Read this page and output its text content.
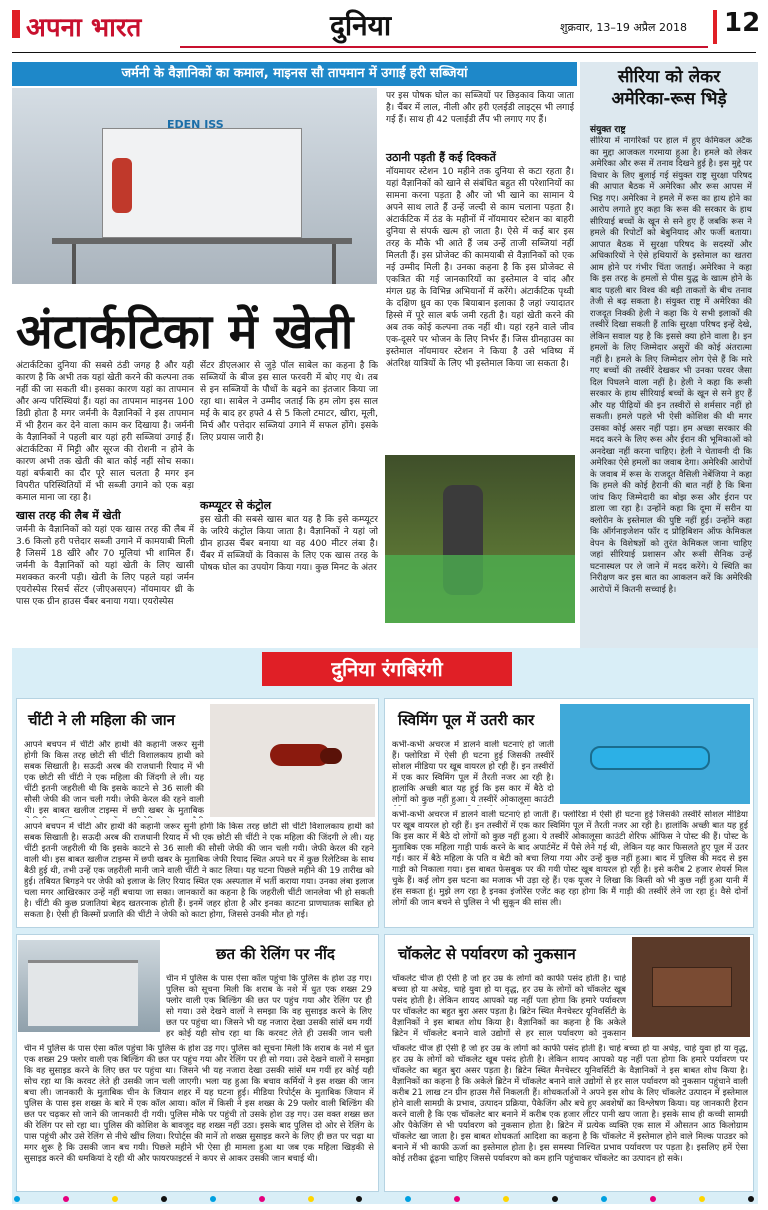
अपना भारत	दुनिया	शुक्रवार, 13–19 अप्रैल 2018 12
जर्मनी के वैज्ञानिकों का कमाल, माइनस सौ तापमान में उगाईं हरी सब्जियां
EDEN ISS
अंटार्कटिका में खेती
अंटार्कटिका दुनिया की सबसे ठंडी जगह है और यही कारण है कि अभी तक यहां खेती करने की कल्पना तक नहीं की जा सकती थी। इसका कारण यहां का तापमान और अन्य परिस्थियां हैं। यहां का तापमान माइनस 100 डिग्री होता है मगर जर्मनी के वैज्ञानिकों ने इस तापमान में भी हैरान कर देने वाला काम कर दिखाया है। जर्मनी के वैज्ञानिकों ने पहली बार यहां हरी सब्जियां उगाई हैं। अंटार्कटिका में मिट्टी और सूरज की रोशनी न होने के कारण अभी तक खेती की बात कोई नहीं सोच सका। यहां बर्फबारी का दौर पूरे साल चलता है मगर इन विपरीत परिस्थितियों में भी सब्जी उगाने को एक बड़ा कमाल माना जा रहा है।
खास तरह की लैब में खेती
जर्मनी के वैज्ञानिकों को यहां एक खास तरह की लैब में 3.6 किलो हरी पत्तेदार सब्जी उगाने में कामयाबी मिली है जिसमें 18 खीरे और 70 मूलियां भी शामिल हैं। जर्मनी के वैज्ञानिकों को यहां खेती के लिए खासी मशक्कत करनी पड़ी। खेती के लिए पहले यहां जर्मन एयरोस्पेस रिसर्च सेंटर (जीएअसएन) नॉयमायर थ्री के पास एक ग्रीन हाउस चैंबर बनाया गया। एयरोस्पेस
सेंटर डीएलआर से जुड़े पॉल साबेल का कहना है कि सब्जियों के बीज इस साल फरवरी में बोए गए थे। तब से इन सब्जियों के पौधों के बढ़ने का इंतजार किया जा रहा था। साबेल ने उम्मीद जताई कि हम लोग इस साल मई के बाद हर हफ्ते 4 से 5 किलो टमाटर, खीरा, मूली, मिर्च और पत्तेदार सब्जियां उगाने में सफल होंगे। इसके लिए प्रयास जारी है।
कम्प्यूटर से कंट्रोल
इस खेती की सबसे खास बात यह है कि इसे कम्प्यूटर के जरिये कंट्रोल किया जाता है। वैज्ञानिकों ने यहां जो ग्रीन हाउस चैंबर बनाया था वह 400 मीटर लंबा है। चैंबर में सब्जियों के विकास के लिए एक खास तरह के पोषक घोल का उपयोग किया गया। कुछ मिनट के अंतर
पर इस पोषक घोल का सब्जियों पर छिड़काव किया जाता है। चैंबर में लाल, नीली और हरी एलईडी लाइट्स भी लगाई गई हैं। साथ ही 42 पलाईडी लैंप भी लगाए गए हैं।
उठानी पड़ती हैं कई दिक्कतें
नॉयमायर स्टेशन 10 महीने तक दुनिया से कटा रहता है। यहां वैज्ञानिकों को खाने से संबंधित बहुत सी परेशानियों का सामना करना पड़ता है और जो भी खाने का सामान ये अपने साथ लाते हैं उन्हें जल्दी से काम चलाना पड़ता है। अंटार्कटिक में ठंड के महीनों में नॉयमायर स्टेशन का बाहरी दुनिया से संपर्क खत्म हो जाता है। ऐसे में कई बार इस तरह के मौके भी आते हैं जब उन्हें ताजी सब्जियां नहीं मिलती हैं। इस प्रोजेक्ट की कामयाबी से वैज्ञानिकों को एक नई उम्मीद मिली है। उनका कहना है कि इस प्रोजेक्ट से एकत्रित की गई जानकारियों का इस्तेमाल वे चांद और मंगल ग्रह के विभिन्न अभियानों में करेंगे। अंटार्कटिक पृथ्वी के दक्षिण ध्रुव का एक बियाबान इलाका है जहां ज्यादातर हिस्से में पूरे साल बर्फ जमी रहती है। यहां खेती करने की अब तक कोई कल्पना तक नहीं थी। यहां रहने वाले जीव एक-दूसरे पर भोजन के लिए निर्भर हैं। जिस ग्रीनहाउस का इस्तेमाल नॉयमायर स्टेशन ने किया है उसे भविष्य में अंतरिक्ष यात्रियों के लिए भी इस्तेमाल किया जा सकता है।
सीरिया को लेकर अमेरिका-रूस भिड़े
संयुक्त राष्ट्र
सीरिया में नागरिकों पर हाल में हुए केमिकल अटैक का मुद्दा आजकल गरमाया हुआ है। हमले को लेकर अमेरिका और रूस में तनाव दिखने हुई है। इस मुद्दे पर विचार के लिए बुलाई गई संयुक्त राष्ट्र सुरक्षा परिषद की आपात बैठक में अमेरिका और रूस आपस में भिड़ गए। अमेरिका ने हमले में रूस का हाथ होने का आरोप लगाते हुए कहा कि रूस की सरकार के हाथ सीरियाई बच्चों के खून से सने हुए हैं जबकि रूस ने हमले की रिपोर्टों को बेबुनियाद और फर्जी बताया। आपात बैठक में सुरक्षा परिषद के सदस्यों और अधिकारियों ने ऐसे हथियारों के इस्तेमाल का खतरा आम होने पर गंभीर चिंता जताई। अमेरिका ने कहा कि इस तरह के हमलों से पीस युद्ध के खात्म होने के बाद पहली बार विश्व की बड़ी ताकतों के बीच तनाव तेजी से बढ़ सकता है। संयुक्त राष्ट्र में अमेरिका की राजदूत निक्की हेली ने कहा कि ये सभी इलाकों की तस्वीरें दिखा सकती हैं ताकि सुरक्षा परिषद इन्हें देखे, लेकिन सवाल यह है कि इससे क्या होने वाला है। इन हमलों के लिए जिम्मेदार असुरों की कोई अंतरात्मा नहीं है। हमले के लिए जिम्मेदार लोग ऐसे हैं कि मारे गए बच्चों की तस्वीरें देखकर भी उनका परवर जैसा दिल पिघलने वाला नहीं है। हेली ने कहा कि रूसी सरकार के हाथ सीरियाई बच्चों के खून से सने हुए हैं और यह पीढ़ियों की इन तस्वीरों से शर्मसार नहीं हो सकती। हमले पहले भी ऐसी कोशिश की थी मगर उसका कोई असर नहीं पड़ा। हम अच्छा सरकार की मदद करने के लिए रूस और ईरान की भूमिकाओं को अनदेखा नहीं करना चाहिए। हेली ने चेतावनी दी कि अमेरिका ऐसे हमलों का जवाब देगा। अमेरिकी आरोपों के जवाब में रूस के राजदूत वैसिली नेबेंजिया ने कहा कि हमले की कोई हैरानी की बात नहीं है कि बिना जांच किए जिम्मेदारी का बोझ रूस और ईरान पर डाला जा रहा है। उन्होंने कहा कि दूमा में सरीन या क्लोरीन के इस्तेमाल की पुष्टि नहीं हुई। उन्होंने कहा कि ऑर्गनाइजेशन फॉर द प्रोहिबिशन ऑफ केमिकल वेपन के विशेषज्ञों को तुरंत केमिकल जाना चाहिए जहां सीरियाई प्रशासन और रूसी सैनिक उन्हें घटनास्थल पर ले जाने में मदद करेंगे। ये स्थिति का निरीक्षण कर इस बात का आकलन करें कि अमेरिकी आरोपों में कितनी सच्चाई है।
दुनिया रंगबिरंगी
चींटी ने ली महिला की जान
आपने बचपन में चींटी और हाथी की कहानी जरूर सुनी होगी कि किस तरह छोटी सी चींटी विशालकाय हाथी को सबक सिखाती है। सऊदी अरब की राजधानी रियाद में भी एक छोटी सी चींटी ने एक महिला की जिंदगी ले ली। यह चींटी इतनी जहरीली थी कि इसके काटने से 36 साली की सौसी जेफी की जान चली गयी। जेफी केरल की रहने वाली थी। इस बाबत खलीज टाइम्स में छपी खबर के मुताबिक
आपने बचपन में चींटी और हाथी की कहानी जरूर सुनी होगी कि किस तरह छोटी सी चींटी विशालकाय हाथी को सबक सिखाती है। सऊदी अरब की राजधानी रियाद में भी एक छोटी सी चींटी ने एक महिला की जिंदगी ले ली। यह चींटी इतनी जहरीली थी कि इसके काटने से 36 साली की सौसी जेफी की जान चली गयी। जेफी केरल की रहने वाली थी। इस बाबत खलीज टाइम्स में छपी खबर के मुताबिक जेफी रियाद स्थित अपने घर में कुछ रिलेटिव्स के साथ बैठी हुई थी, तभी उन्हें एक जहरीली मानी जाने वाली चींटी ने काट लिया। यह घटना पिछले महीने की 19 तारीख को हुई। तबियत बिगड़ने पर जेफी को इलाज के लिए रियाद स्थित एक अस्पताल में भर्ती कराया गया। उनका लंबा इलाज चला मगर आखिरकार उन्हें नहीं बचाया जा सका। जानकारों का कहना है कि जहरीली चींटी जानलेवा भी हो सकती है। चींटी की कुछ प्रजातियां बेहद खतरनाक होती हैं। इनमें जहर होता है और इनका काटना प्राणघातक साबित हो सकता है। ऐसी ही किस्मों प्रजाति की चींटी ने जेफी को काटा होगा, जिससे उनकी मौत हो गई।
स्विमिंग पूल में उतरी कार
कभी-कभी अचरज में डालने वाली घटनाएं हो जाती हैं। फ्लोरिडा में ऐसी ही घटना हुई जिसकी तस्वीरें सोशल मीडिया पर खूब वायरल हो रही हैं। इन तस्वीरों में एक कार स्विमिंग पूल में तैरती नजर आ रही है। हालांकि अच्छी बात यह हुई कि इस कार में बैठे दो लोगों को कुछ नहीं हुआ। ये तस्वीरें ओकालूसा काउंटी
कभी-कभी अचरज में डालने वाली घटनाएं हो जाती हैं। फ्लोरिडा में ऐसी ही घटना हुई जिसकी तस्वीरें सोशल मीडिया पर खूब वायरल हो रही हैं। इन तस्वीरों में एक कार स्विमिंग पूल में तैरती नजर आ रही है। हालांकि अच्छी बात यह हुई कि इस कार में बैठे दो लोगों को कुछ नहीं हुआ। ये तस्वीरें ओकालूसा काउंटी शेरिफ ऑफिस ने पोस्ट की हैं। पोस्ट के मुताबिक एक महिला गाड़ी पार्क करने के बाद अपार्टमेंट में पैसे लेने गई थी, लेकिन यह कार फिसलते हुए पूल में उतर गई। कार में बैठे महिला के पति व बेटी को बचा लिया गया और उन्हें कुछ नहीं हुआ। बाद में पुलिस की मदद से इस गाड़ी को निकाला गया। इस बाबत फेसबुक पर की गयी पोस्ट खूब वायरल हो रही है। इसे करीब 2 हजार शेयर्स मिल चुके हैं। कई लोग इस घटना का मजाक भी उड़ा रहे हैं। एक यूजर ने लिखा कि किसी को भी कुछ नहीं हुआ यानी मैं हंस सकता हूं। मुझे लग रहा है इनका इंजोरेंस एजेंट कह रहा होगा कि मैं गाड़ी की तस्वीरें लेने जा रहा हूं। वैसे दोनों लोगों की जान बचने से पुलिस ने भी सुकून की सांस ली।
छत की रेलिंग पर नींद
चीन में पुलिस के पास ऐसा कॉल पहुंचा कि पुलिस के होश उड़ गए। पुलिस को सूचना मिली कि शराब के नशे में धुत एक शख्स 29 फ्लोर वाली एक बिल्डिंग की छत पर पहुंच गया और रेलिंग पर ही सो गया। उसे देखने वालों ने समझा कि वह सुसाइड करने के लिए छत पर पहुंचा था। जिसने भी यह नजारा देखा उसकी सांसें थम गयीं हर कोई यही सोच रहा था कि करवट लेते ही उसकी जान चली
चीन में पुलिस के पास ऐसा कॉल पहुंचा कि पुलिस के होश उड़ गए। पुलिस को सूचना मिली कि शराब के नशे में धुत एक शख्स 29 फ्लोर वाली एक बिल्डिंग की छत पर पहुंच गया और रेलिंग पर ही सो गया। उसे देखने वालों ने समझा कि वह सुसाइड करने के लिए छत पर पहुंचा था। जिसने भी यह नजारा देखा उसकी सांसें थम गयीं हर कोई यही सोच रहा था कि करवट लेते ही उसकी जान चली जाएगी। भला यह हुआ कि बचाव कर्मियों ने इस शख्स की जान बचा ली। जानकारी के मुताबिक चीन के जियान शहर में यह घटना हुई। मीडिया रिपोर्ट्स के मुताबिक जियान में पुलिस के पास इस शख्स के बारे में एक कॉल आया। कॉल में किसी ने इस शख्स के 29 फ्लोर वाली बिल्डिंग की छत पर चढ़कर सो जाने की जानकारी दी गयी। पुलिस मौके पर पहुंची तो उसके होश उड़ गए। उस वक्त शख्स छत की रेलिंग पर सो रहा था। पुलिस की कोशिश के बावजूद वह शख्स नहीं उठा। इसके बाद पुलिस दो ओर से रेलिंग के पास पहुंची और उसे रेलिंग से नीचे खींच लिया। रिपोर्ट्स की मानें तो शख्स सुसाइड करने के लिए ही छत पर चढ़ा था मगर शुरू है कि उसकी जान बच गयी। पिछले महीने भी ऐसा ही मामला हुआ था जब एक महिला खिड़की से सुसाइड करने की धमकियां दे रही थी और फायरफाइटर्स ने कपर से आकर उसकी जान बचाई थी।
चॉकलेट से पर्यावरण को नुकसान
चॉकलेट चीज ही ऐसी है जो हर उम्र के लोगों को काफी पसंद होती है। चाहे बच्चा हो या अधेड़, चाहे युवा हो या वृद्ध, हर उम्र के लोगों को चॉकलेट खूब पसंद होती है। लेकिन शायद आपको यह नहीं पता होगा कि हमारे पर्यावरण पर चॉकलेट का बहुत बुरा असर पड़ता है। ब्रिटेन स्थित मैनचेस्टर यूनिवर्सिटी के वैज्ञानिकों ने इस बाबत शोध किया है। वैज्ञानिकों का कहना है कि अकेले ब्रिटेन में चॉकलेट बनाने वाले उद्योगों से हर साल पर्यावरण को नुकसान
चॉकलेट चीज ही ऐसी है जो हर उम्र के लोगों को काफी पसंद होती है। चाहे बच्चा हो या अधेड़, चाहे युवा हो या वृद्ध, हर उम्र के लोगों को चॉकलेट खूब पसंद होती है। लेकिन शायद आपको यह नहीं पता होगा कि हमारे पर्यावरण पर चॉकलेट का बहुत बुरा असर पड़ता है। ब्रिटेन स्थित मैनचेस्टर यूनिवर्सिटी के वैज्ञानिकों ने इस बाबत शोध किया है। वैज्ञानिकों का कहना है कि अकेले ब्रिटेन में चॉकलेट बनाने वाले उद्योगों से हर साल पर्यावरण को नुकसान पहुंचाने वाली करीब 21 लाख टन ग्रीन हाउस गैसें निकलती हैं। शोधकर्ताओं ने अपने इस शोध के लिए चॉकलेट उत्पादन में इस्तेमाल होने वाली सामग्री के प्रभाव, उत्पादन प्रक्रिया, पैकेजिंग और बचे हुए अवशेषों का विश्लेषण किया। यह जानकारी हैरान करने वाली है कि एक चॉकलेट बार बनाने में करीब एक हजार लीटर पानी खप जाता है। इसके साथ ही कच्ची सामग्री और पैकेजिंग से भी पर्यावरण को नुकसान होता है। ब्रिटेन में प्रत्येक व्यक्ति एक साल में औसतन आठ किलोग्राम चॉकलेट खा जाता है। इस बाबत शोधकर्ता आदिशा का कहना है कि चॉकलेट में इस्तेमाल होने वाले मिल्क पाउडर को बनाने में भी काफी ऊर्जा का इस्तेमाल होता है। इस समस्या निश्चित प्रभाव पर्यावरण पर पड़ता है। इसलिए हमें ऐसा कोई तरीका ढूंढ़ना चाहिए जिससे पर्यावरण को कम हानि पहुंचाकर चॉकलेट का उत्पादन हो सके।
